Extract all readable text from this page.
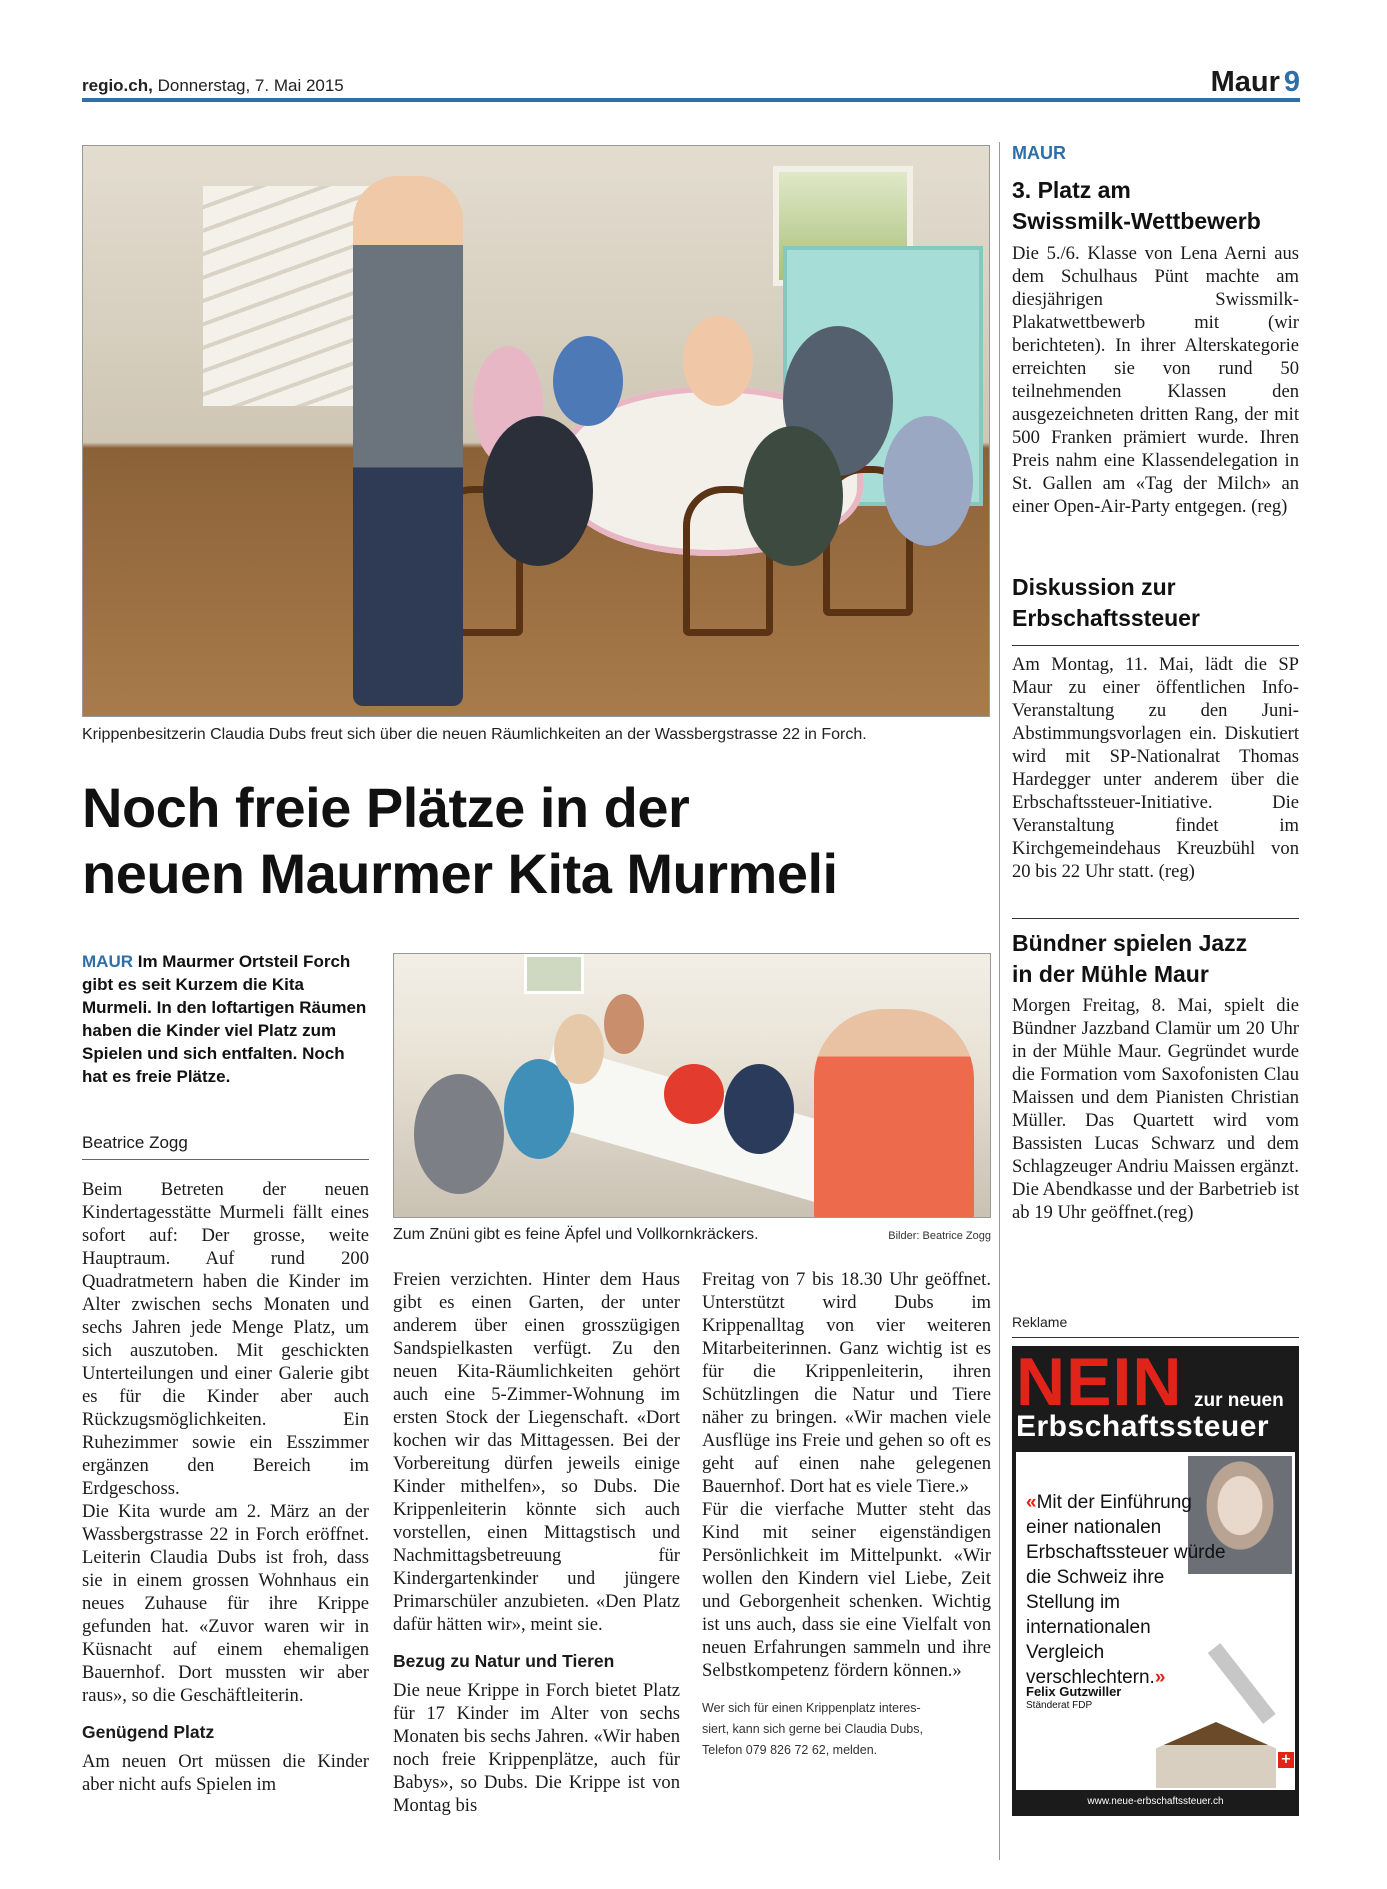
regio.ch, Donnerstag, 7. Mai 2015	Maur 9
Krippenbesitzerin Claudia Dubs freut sich über die neuen Räumlichkeiten an der Wassbergstrasse 22 in Forch.
Noch freie Plätze in der
neuen Maurmer Kita Murmeli
MAUR Im Maurmer Ortsteil Forch gibt es seit Kurzem die Kita Murmeli. In den loftartigen Räumen haben die Kinder viel Platz zum Spielen und sich entfalten. Noch hat es freie Plätze.
Beatrice Zogg

Beim Betreten der neuen Kindertagesstätte Murmeli fällt eines sofort auf: Der grosse, weite Hauptraum. Auf rund 200 Quadratmetern haben die Kinder im Alter zwischen sechs Monaten und sechs Jahren jede Menge Platz, um sich auszutoben. Mit geschickten Unterteilungen und einer Galerie gibt es für die Kinder aber auch Rückzugsmöglichkeiten. Ein Ruhezimmer sowie ein Esszimmer ergänzen den Bereich im Erdgeschoss.

Die Kita wurde am 2. März an der Wassbergstrasse 22 in Forch eröffnet. Leiterin Claudia Dubs ist froh, dass sie in einem grossen Wohnhaus ein neues Zuhause für ihre Krippe gefunden hat. «Zuvor waren wir in Küsnacht auf einem ehemaligen Bauernhof. Dort mussten wir aber raus», so die Geschäftleiterin.

Genügend Platz

Am neuen Ort müssen die Kinder aber nicht aufs Spielen im

Zum Znüni gibt es feine Äpfel und Vollkornkräckers.	Bilder: Beatrice Zogg

Freien verzichten. Hinter dem Haus gibt es einen Garten, der unter anderem über einen grosszügigen Sandspielkasten verfügt. Zu den neuen Kita-Räumlichkeiten gehört auch eine 5-Zimmer-Wohnung im ersten Stock der Liegenschaft. «Dort kochen wir das Mittagessen. Bei der Vorbereitung dürfen jeweils einige Kinder mithelfen», so Dubs. Die Krippenleiterin könnte sich auch vorstellen, einen Mittagstisch und Nachmittagsbetreuung für Kindergartenkinder und jüngere Primarschüler anzubieten. «Den Platz dafür hätten wir», meint sie.

Bezug zu Natur und Tieren

Die neue Krippe in Forch bietet Platz für 17 Kinder im Alter von sechs Monaten bis sechs Jahren. «Wir haben noch freie Krippenplätze, auch für Babys», so Dubs. Die Krippe ist von Montag bis

Freitag von 7 bis 18.30 Uhr geöffnet. Unterstützt wird Dubs im Krippenalltag von vier weiteren Mitarbeiterinnen. Ganz wichtig ist es für die Krippenleiterin, ihren Schützlingen die Natur und Tiere näher zu bringen. «Wir machen viele Ausflüge ins Freie und gehen so oft es geht auf einen nahe gelegenen Bauernhof. Dort hat es viele Tiere.»

Für die vierfache Mutter steht das Kind mit seiner eigenständigen Persönlichkeit im Mittelpunkt. «Wir wollen den Kindern viel Liebe, Zeit und Geborgenheit schenken. Wichtig ist uns auch, dass sie eine Vielfalt von neuen Erfahrungen sammeln und ihre Selbstkompetenz fördern können.»

Wer sich für einen Krippenplatz interes-
siert, kann sich gerne bei Claudia Dubs,
Telefon 079 826 72 62, melden.
MAUR
3. Platz am
Swissmilk-Wettbewerb
Die 5./6. Klasse von Lena Aerni aus dem Schulhaus Pünt machte am diesjährigen Swissmilk-Plakatwettbewerb mit (wir berichteten). In ihrer Alterskategorie erreichten sie von rund 50 teilnehmenden Klassen den ausgezeichneten dritten Rang, der mit 500 Franken prämiert wurde. Ihren Preis nahm eine Klassendelegation in St. Gallen am «Tag der Milch» an einer Open-Air-Party entgegen. (reg)
Diskussion zur
Erbschaftssteuer
Am Montag, 11. Mai, lädt die SP Maur zu einer öffentlichen Info-Veranstaltung zu den Juni-Abstimmungsvorlagen ein. Diskutiert wird mit SP-Nationalrat Thomas Hardegger unter anderem über die Erbschaftssteuer-Initiative. Die Veranstaltung findet im Kirchgemeindehaus Kreuzbühl von 20 bis 22 Uhr statt. (reg)
Bündner spielen Jazz
in der Mühle Maur
Morgen Freitag, 8. Mai, spielt die Bündner Jazzband Clamür um 20 Uhr in der Mühle Maur. Gegründet wurde die Formation vom Saxofonisten Clau Maissen und dem Pianisten Christian Müller. Das Quartett wird vom Bassisten Lucas Schwarz und dem Schlagzeuger Andriu Maissen ergänzt. Die Abendkasse und der Barbetrieb ist ab 19 Uhr geöffnet.(reg)
Reklame
NEIN zur neuen
Erbschaftssteuer
«Mit der Einführung einer nationalen Erbschaftssteuer würde die Schweiz ihre Stellung im internationalen Vergleich verschlechtern.»
Felix Gutzwiller
Ständerat FDP
+
www.neue-erbschaftssteuer.ch
